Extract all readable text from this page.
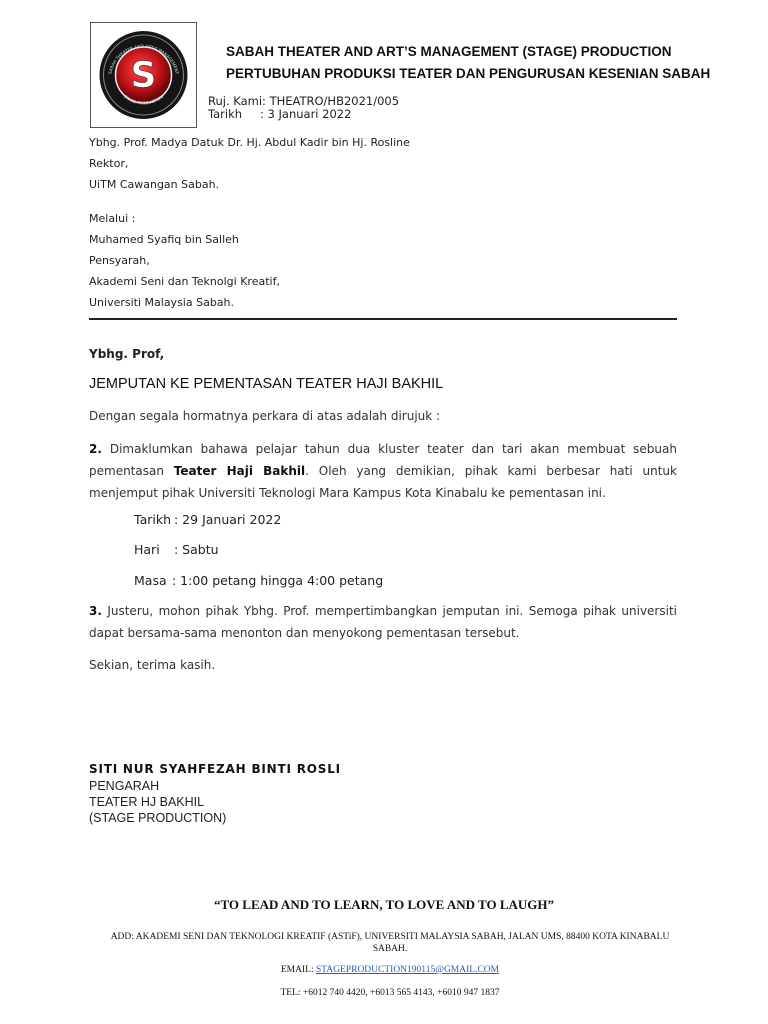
S
SABAH THEATER AND ART'S MANAGEMENT
STAGE PRODUCTION
SABAH THEATER AND ART’S MANAGEMENT (STAGE) PRODUCTION
PERTUBUHAN PRODUKSI TEATER DAN PENGURUSAN KESENIAN SABAH
Ruj. Kami: THEATRO/HB2021/005
Tarikh : 3 Januari 2022
Ybhg. Prof. Madya Datuk Dr. Hj. Abdul Kadir bin Hj. Rosline
Rektor,
UiTM Cawangan Sabah.
Melalui :
Muhamed Syafiq bin Salleh
Pensyarah,
Akademi Seni dan Teknolgi Kreatif,
Universiti Malaysia Sabah.
Ybhg. Prof,
JEMPUTAN KE PEMENTASAN TEATER HAJI BAKHIL
Dengan segala hormatnya perkara di atas adalah dirujuk :
2. Dimaklumkan bahawa pelajar tahun dua kluster teater dan tari akan membuat sebuah pementasan Teater Haji Bakhil. Oleh yang demikian, pihak kami berbesar hati untuk menjemput pihak Universiti Teknologi Mara Kampus Kota Kinabalu ke pementasan ini.
Tarikh : 29 Januari 2022
Hari : Sabtu
Masa : 1:00 petang hingga 4:00 petang
3. Justeru, mohon pihak Ybhg. Prof. mempertimbangkan jemputan ini. Semoga pihak universiti dapat bersama-sama menonton dan menyokong pementasan tersebut.
Sekian, terima kasih.
SITI NUR SYAHFEZAH BINTI ROSLI
PENGARAH
TEATER HJ BAKHIL
(STAGE PRODUCTION)
“TO LEAD AND TO LEARN, TO LOVE AND TO LAUGH”
ADD: AKADEMI SENI DAN TEKNOLOGI KREATIF (ASTiF), UNIVERSITI MALAYSIA SABAH, JALAN UMS, 88400 KOTA KINABALU SABAH.
EMAIL: STAGEPRODUCTION190115@GMAIL.COM
TEL: +6012 740 4420, +6013 565 4143, +6010 947 1837
